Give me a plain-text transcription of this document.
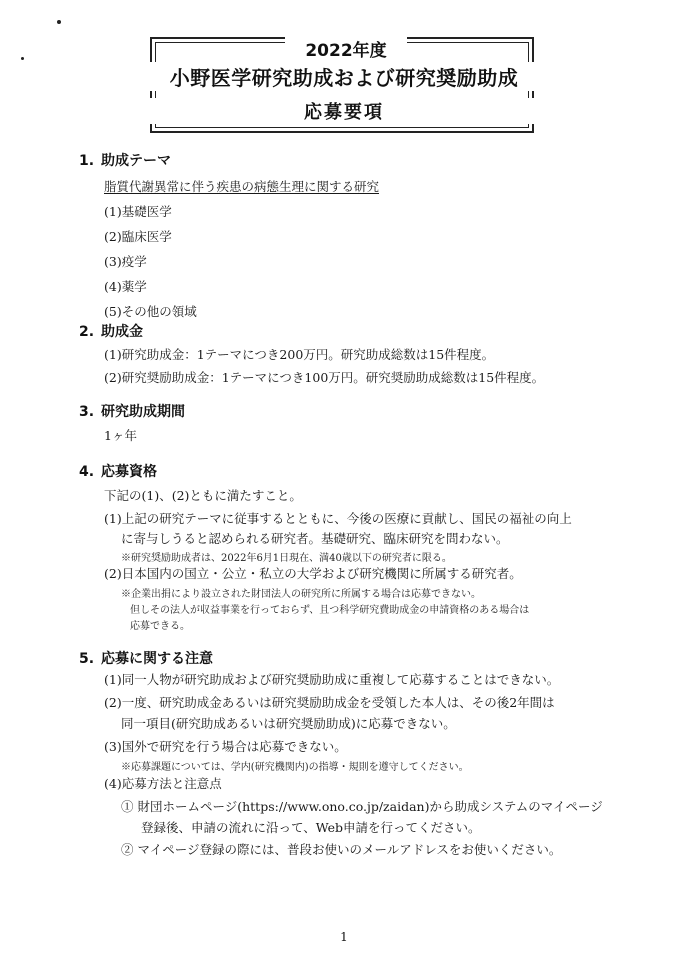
2022年度
小野医学研究助成および研究奨励助成
応募要項
1. 助成テーマ
脂質代謝異常に伴う疾患の病態生理に関する研究
(1)基礎医学
(2)臨床医学
(3)疫学
(4)薬学
(5)その他の領域
2. 助成金
(1)研究助成金：1テーマにつき200万円。研究助成総数は15件程度。
(2)研究奨励助成金：1テーマにつき100万円。研究奨励助成総数は15件程度。
3. 研究助成期間
1ヶ年
4. 応募資格
下記の(1)、(2)ともに満たすこと。
(1)上記の研究テーマに従事するとともに、今後の医療に貢献し、国民の福祉の向上
に寄与しうると認められる研究者。基礎研究、臨床研究を問わない。
※研究奨励助成者は、2022年6月1日現在、満40歳以下の研究者に限る。
(2)日本国内の国立・公立・私立の大学および研究機関に所属する研究者。
※企業出捐により設立された財団法人の研究所に所属する場合は応募できない。
但しその法人が収益事業を行っておらず、且つ科学研究費助成金の申請資格のある場合は
応募できる。
5. 応募に関する注意
(1)同一人物が研究助成および研究奨励助成に重複して応募することはできない。
(2)一度、研究助成金あるいは研究奨励助成金を受領した本人は、その後2年間は
同一項目(研究助成あるいは研究奨励助成)に応募できない。
(3)国外で研究を行う場合は応募できない。
※応募課題については、学内(研究機関内)の指導・規則を遵守してください。
(4)応募方法と注意点
① 財団ホームページ(https://www.ono.co.jp/zaidan)から助成システムのマイページ
登録後、申請の流れに沿って、Web申請を行ってください。
② マイページ登録の際には、普段お使いのメールアドレスをお使いください。
1
